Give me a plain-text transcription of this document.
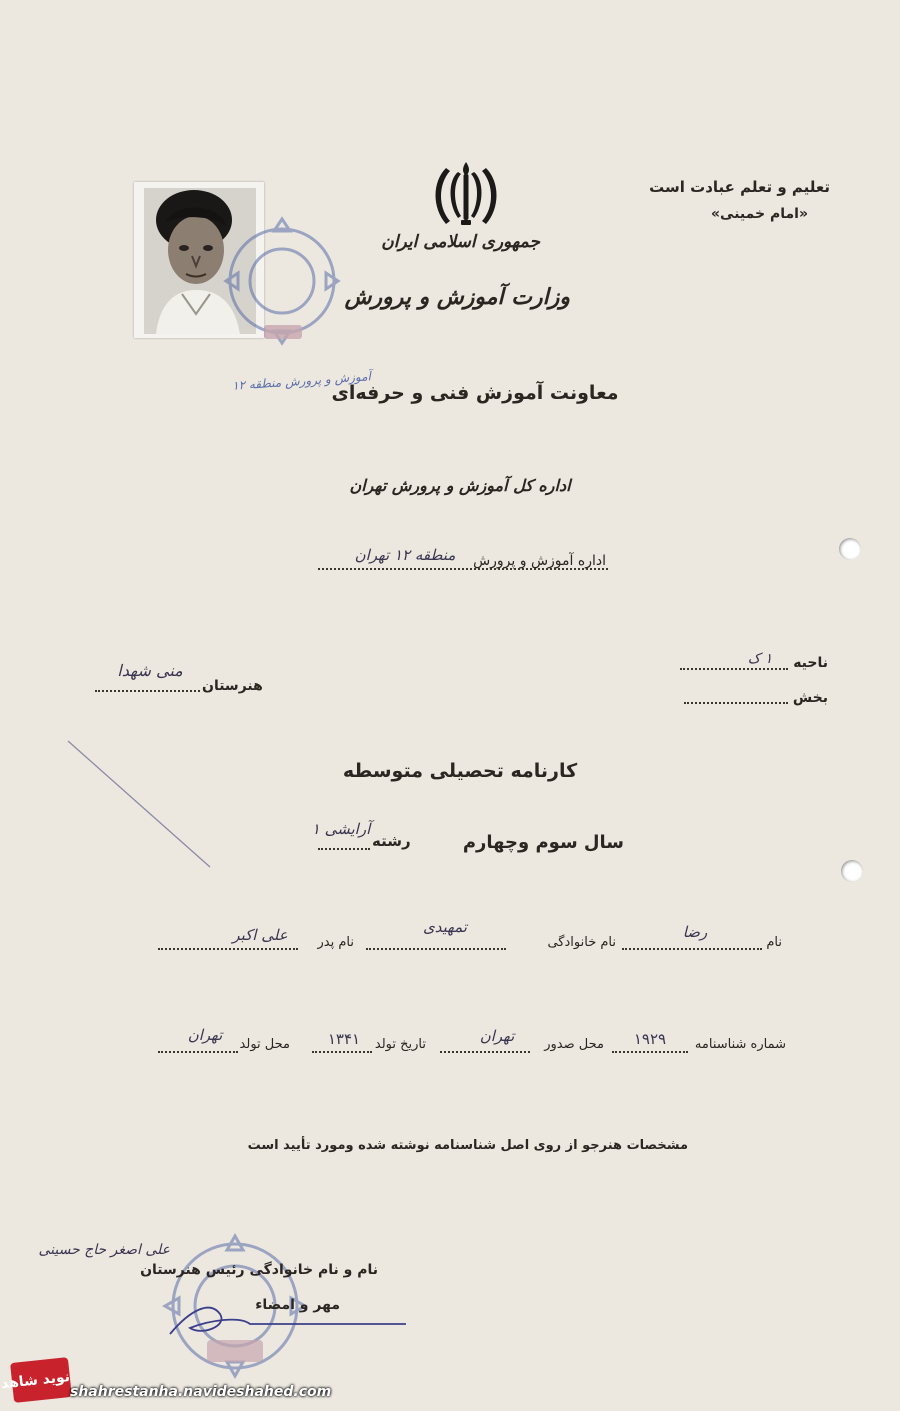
تعلیم و تعلم عبادت است
«امام خمینی»
جمهوری اسلامی ایران
وزارت آموزش و پرورش
آموزش و پرورش منطقه ۱۲
معاونت آموزش فنی و حرفه‌ای
اداره کل آموزش و پرورش تهران
اداره آموزش و پرورش
منطقه ۱۲ تهران
هنرستان
منی شهدا	ناحیه
۱ ک
بخش
کارنامه تحصیلی متوسطه
سال سوم وچهارم
رشته
آرایشی ۱
نام
رضا
نام خانوادگی
تمهیدی
نام پدر
علی اکبر
شماره شناسنامه
۱۹۲۹
محل صدور
تهران
تاریخ تولد
۱۳۴۱
محل تولد
تهران
مشخصات هنرجو از روی اصل شناسنامه نوشته شده ومورد تأیید است
نام و نام خانوادگی رئیس هنرستان
علی اصغر حاج حسینی
مهر و امضاء
نوید شاهد shahrestanha.navideshahed.com
